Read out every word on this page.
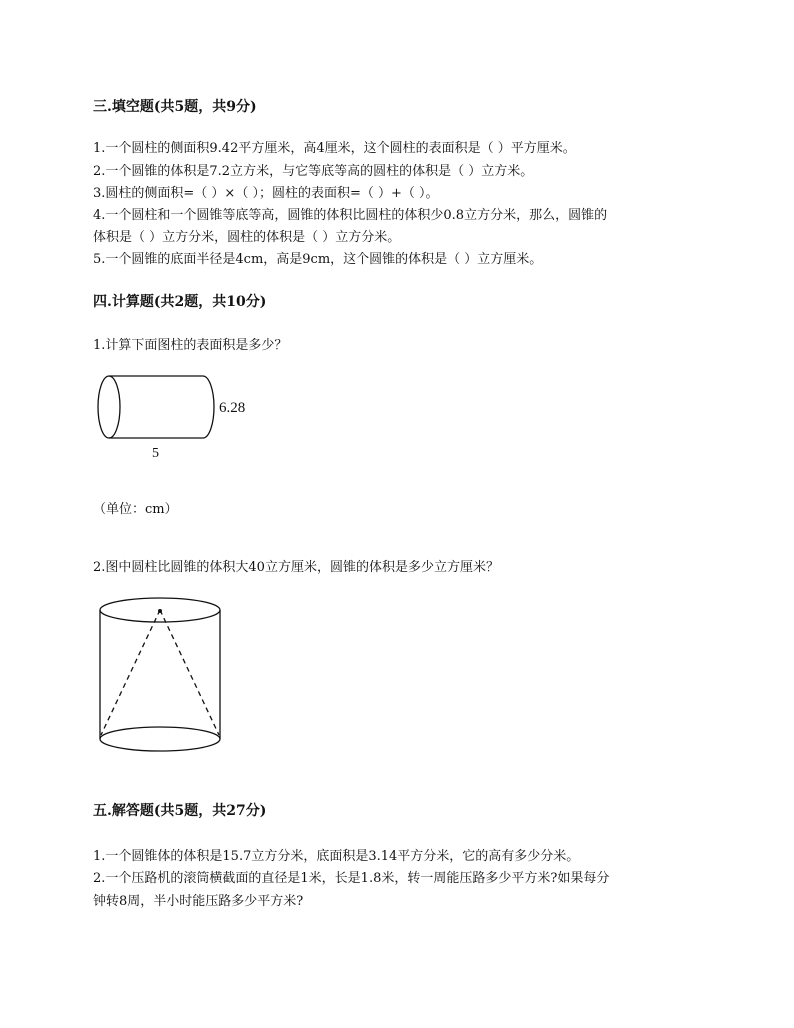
三.填空题(共5题，共9分)
1.一个圆柱的侧面积9.42平方厘米，高4厘米，这个圆柱的表面积是（ ）平方厘米。
2.一个圆锥的体积是7.2立方米，与它等底等高的圆柱的体积是（ ）立方米。
3.圆柱的侧面积=（ ）×（ ）；圆柱的表面积=（ ）+（ ）。
4.一个圆柱和一个圆锥等底等高，圆锥的体积比圆柱的体积少0.8立方分米，那么，圆锥的
体积是（ ）立方分米，圆柱的体积是（ ）立方分米。
5.一个圆锥的底面半径是4cm，高是9cm，这个圆锥的体积是（ ）立方厘米。
四.计算题(共2题，共10分)
1.计算下面图柱的表面积是多少？
6.28
5
（单位：cm）
2.图中圆柱比圆锥的体积大40立方厘米，圆锥的体积是多少立方厘米？
五.解答题(共5题，共27分)
1.一个圆锥体的体积是15.7立方分米，底面积是3.14平方分米，它的高有多少分米。
2.一个压路机的滚筒横截面的直径是1米，长是1.8米，转一周能压路多少平方米?如果每分
钟转8周，半小时能压路多少平方米?
